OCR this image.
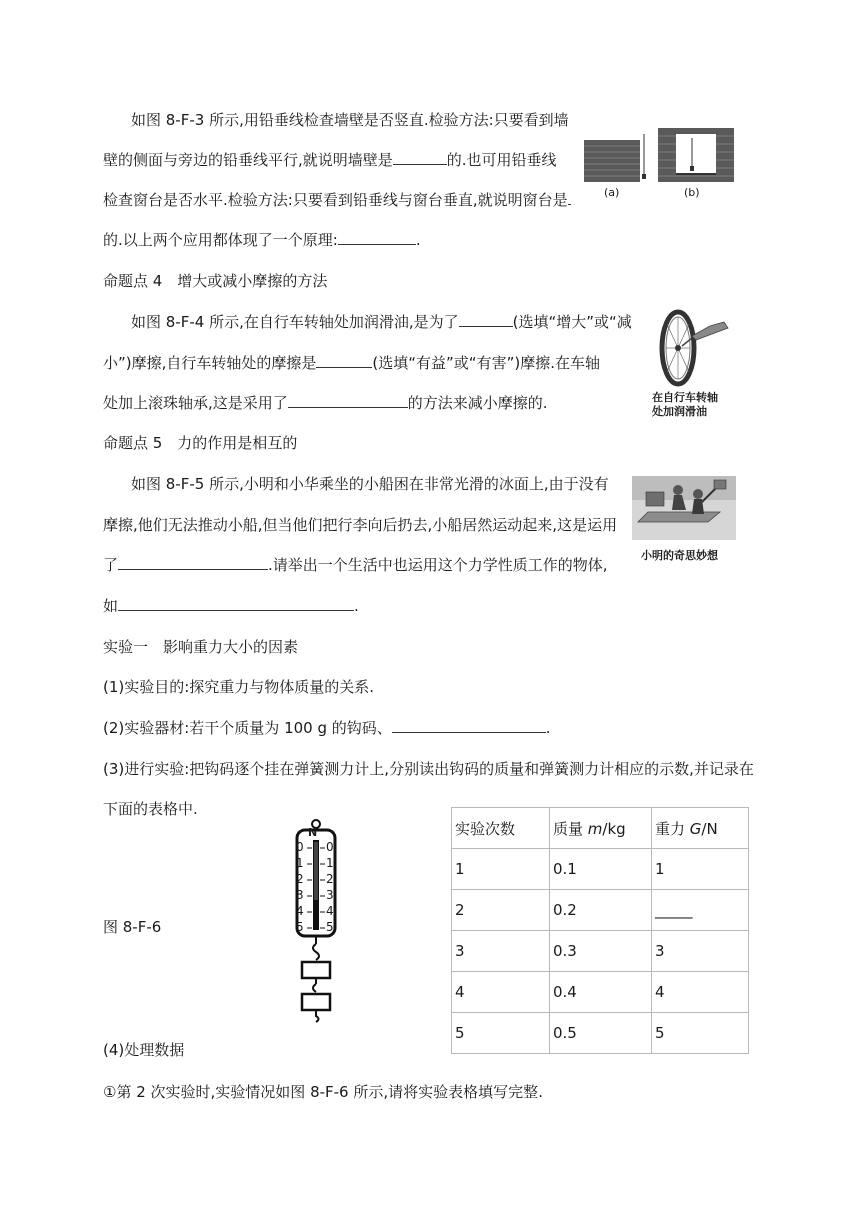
如图 8-F-3 所示,用铅垂线检查墙壁是否竖直.检验方法:只要看到墙
壁的侧面与旁边的铅垂线平行,就说明墙壁是	的.也可用铅垂线
检查窗台是否水平.检验方法:只要看到铅垂线与窗台垂直,就说明窗台是
的.以上两个应用都体现了一个原理:	.
(a)	(b)
命题点 4　增大或减小摩擦的方法
如图 8-F-4 所示,在自行车转轴处加润滑油,是为了	(选填“增大”或“减
小”)摩擦,自行车转轴处的摩擦是	(选填“有益”或“有害”)摩擦.在车轴
处加上滚珠轴承,这是采用了	的方法来减小摩擦的.	在自行车转轴
处加润滑油
命题点 5　力的作用是相互的
如图 8-F-5 所示,小明和小华乘坐的小船困在非常光滑的冰面上,由于没有
摩擦,他们无法推动小船,但当他们把行李向后扔去,小船居然运动起来,这是运用
了	.请举出一个生活中也运用这个力学性质工作的物体,
如	.
小明的奇思妙想
实验一　影响重力大小的因素
(1)实验目的:探究重力与物体质量的关系.
(2)实验器材:若干个质量为 100 g 的钩码、	.
(3)进行实验:把钩码逐个挂在弹簧测力计上,分别读出钩码的质量和弹簧测力计相应的示数,并记录在
下面的表格中.
图 8-F-6
N
0
1
2
3
4
5
0
1
2
3
4
5
实验次数	质量 m/kg	重力 G/N
1	0.1	1
2	0.2	_____
3	0.3	3
4	0.4	4
5	0.5	5
(4)处理数据
①第 2 次实验时,实验情况如图 8-F-6 所示,请将实验表格填写完整.
